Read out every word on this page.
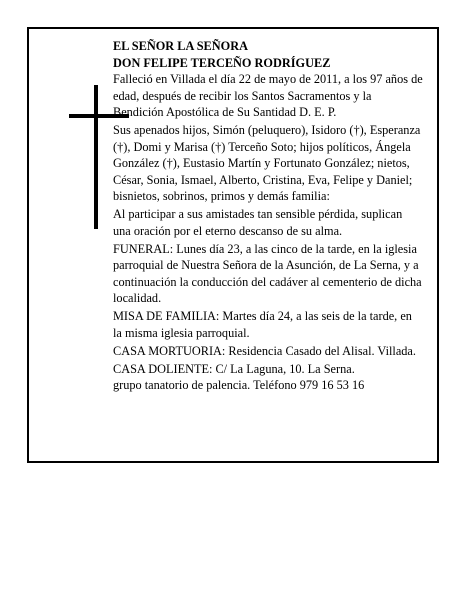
EL SEÑOR LA SEÑORA
DON FELIPE TERCEÑO RODRÍGUEZ

Falleció en Villada el día 22 de mayo de 2011, a los 97 años de edad, después de recibir los Santos Sacramentos y la Bendición Apostólica de Su Santidad D. E. P.

Sus apenados hijos, Simón (peluquero), Isidoro (†), Esperanza (†), Domi y Marisa (†) Terceño Soto; hijos políticos, Ángela González (†), Eustasio Martín y Fortunato González; nietos, César, Sonia, Ismael, Alberto, Cristina, Eva, Felipe y Daniel; bisnietos, sobrinos, primos y demás familia:

Al participar a sus amistades tan sensible pérdida, suplican una oración por el eterno descanso de su alma.

FUNERAL: Lunes día 23, a las cinco de la tarde, en la iglesia parroquial de Nuestra Señora de la Asunción, de La Serna, y a continuación la conducción del cadáver al cementerio de dicha localidad.

MISA DE FAMILIA: Martes día 24, a las seis de la tarde, en la misma iglesia parroquial.

CASA MORTUORIA: Residencia Casado del Alisal. Villada.

CASA DOLIENTE: C/ La Laguna, 10. La Serna.

grupo tanatorio de palencia. Teléfono 979 16 53 16
